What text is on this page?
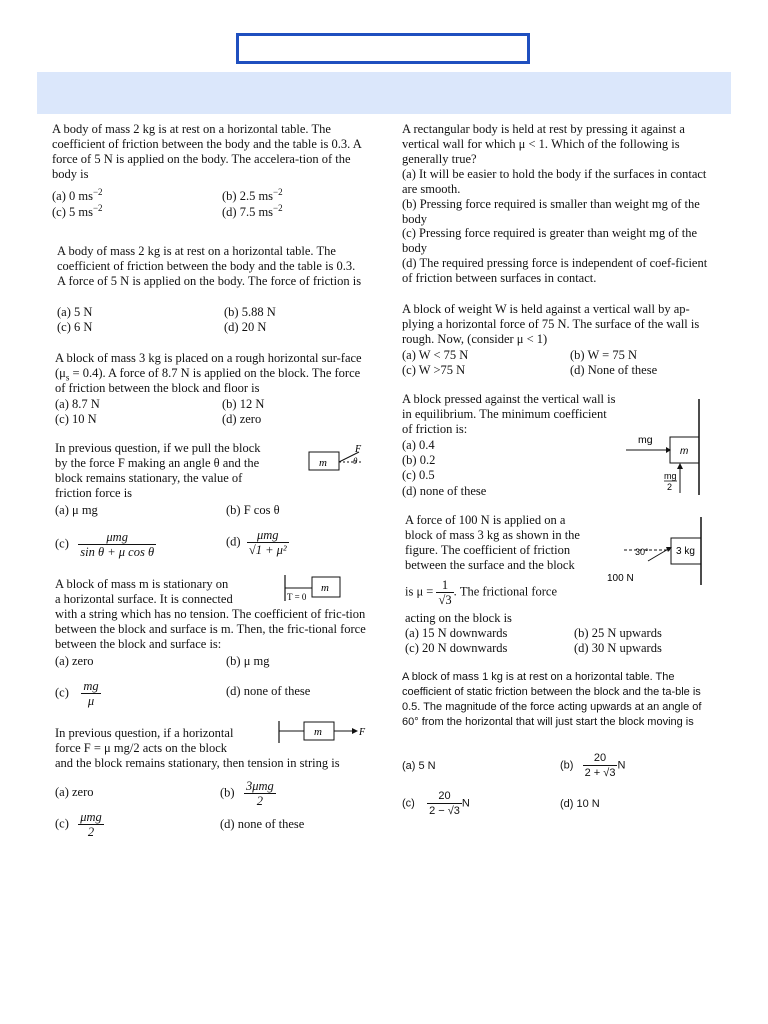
A body of mass 2 kg is at rest on a horizontal table. The coefficient of friction between the body and the table is 0.3. A force of 5 N is applied on the body. The accelera-tion of the body is

(a) 0 $ms^{-2}$	(b) 2.5 $ms^{-2}$
(c) 5 $ms^{-2}$	(d) 7.5 $ms^{-2}$

A body of mass 2 kg is at rest on a horizontal table. The coefficient of friction between the body and the table is 0.3. A force of 5 N is applied on the body. The force of friction is

(a) 5 N	(b) 5.88 N
(c) 6 N	(d) 20 N

A block of mass 3 kg is placed on a rough horizontal sur-face $(\mu_s = 0.4)$. A force of 8.7 N is applied on the block. The force of friction between the block and floor is

(a) 8.7 N	(b) 12 N
(c) 10 N	(d) zero

In previous question, if we pull the block by the force F making an angle θ and the block remains stationary, the value of friction force is

m
F
θ
(a) μ mg	(b) F cos θ
$(c) \frac{\text{μmg}}{\text{sin θ + μ cos θ}}$	$(d) \frac{\text{μmg}}{\text{√1 + μ²}}$
A block of mass m is stationary on
a horizontal surface. It is connected	T = 0
m

with a string which has no tension. The coefficient of fric-tion between the block and surface is m. Then, the fric-tional force between the block and surface is:

(a) zero	(b) μ mg
$(c) \frac{mg}{\mu}$	(d) none of these
In previous question, if a horizontal
force F = μ mg/2 acts on the block
and the block remains stationary, then tension in string is
m	F
(a) zero	$(b) \frac{\text{3μmg}}{2}$
$(c) \frac{\text{μmg}}{2}$	(d) none of these

A rectangular body is held at rest by pressing it against a vertical wall for which μ < 1. Which of the following is generally true?

(a) It will be easier to hold the body if the surfaces in contact are smooth.
(b) Pressing force required is smaller than weight mg of the body
(c) Pressing force required is greater than weight mg of the body
(d) The required pressing force is independent of coef-ficient of friction between surfaces in contact.

A block of weight W is held against a vertical wall by ap-plying a horizontal force of 75 N. The surface of the wall is rough. Now, (consider μ < 1)

(a) W < 75 N	(b) W = 75 N
(c) W >75 N	(d) None of these

A block pressed against the vertical wall is in equilibrium. The minimum coefficient of friction is:

(a) 0.4
(b) 0.2
(c) 0.5
(d) none of these
mg
m
mg
2

A force of 100 N is applied on a block of mass 3 kg as shown in the figure. The coefficient of friction between the surface and the block

is $\mu = \frac{1}{√3}$ . The frictional force
acting on the block is
30°	3 kg
100 N
(a) 15 N downwards	(b) 25 N upwards
(c) 20 N downwards	(d) 30 N upwards

A block of mass 1 kg is at rest on a horizontal table. The coefficient of static friction between the block and the ta-ble is 0.5. The magnitude of the force acting upwards at an angle of 60° from the horizontal that will just start the block moving is

(a) 5 N	$(b) \frac{20}{2 + √3}$ N
$(c) \frac{20}{2 - √3}$ N	(d) 10 N
